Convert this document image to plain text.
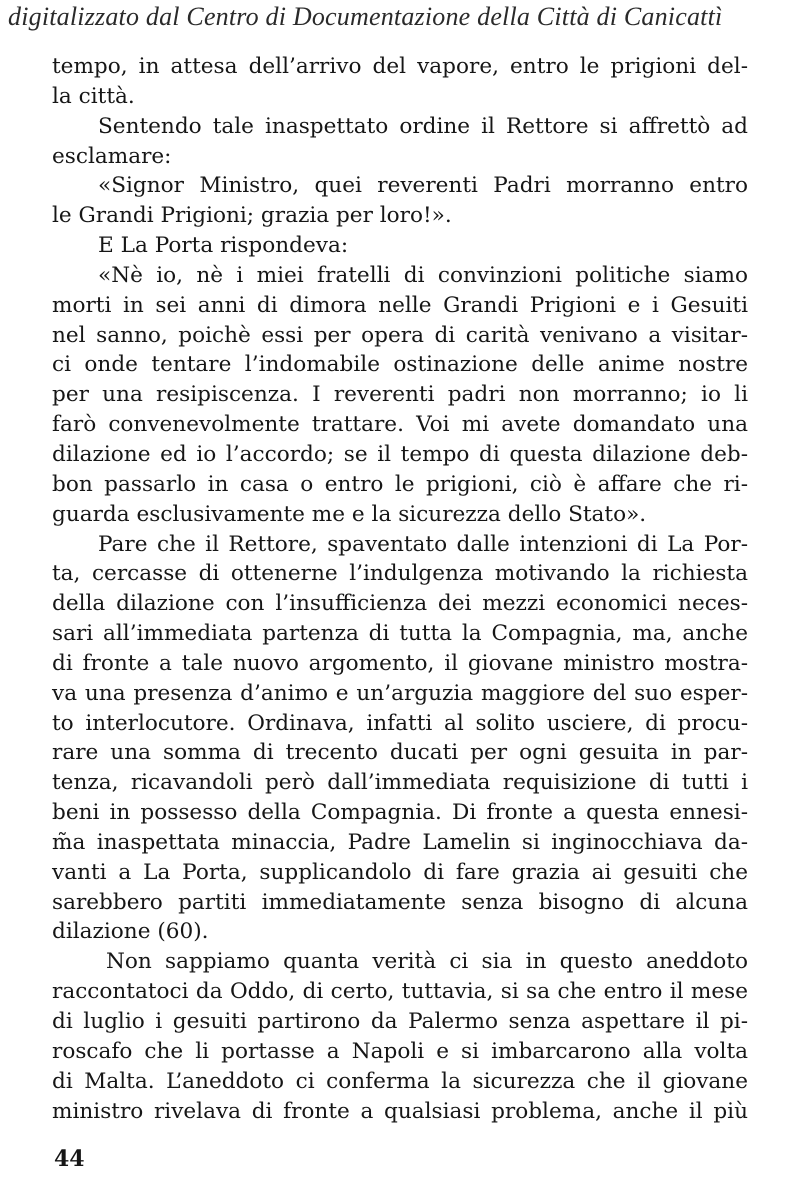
digitalizzato dal Centro di Documentazione della Città di Canicattì
tempo, in attesa dell’arrivo del vapore, entro le prigioni del-
la città.
Sentendo tale inaspettato ordine il Rettore si affrettò ad
esclamare:
«Signor Ministro, quei reverenti Padri morranno entro
le Grandi Prigioni; grazia per loro!».
E La Porta rispondeva:
«Nè io, nè i miei fratelli di convinzioni politiche siamo
morti in sei anni di dimora nelle Grandi Prigioni e i Gesuiti
nel sanno, poichè essi per opera di carità venivano a visitar-
ci onde tentare l’indomabile ostinazione delle anime nostre
per una resipiscenza. I reverenti padri non morranno; io li
farò convenevolmente trattare. Voi mi avete domandato una
dilazione ed io l’accordo; se il tempo di questa dilazione deb-
bon passarlo in casa o entro le prigioni, ciò è affare che ri-
guarda esclusivamente me e la sicurezza dello Stato».
Pare che il Rettore, spaventato dalle intenzioni di La Por-
ta, cercasse di ottenerne l’indulgenza motivando la richiesta
della dilazione con l’insufficienza dei mezzi economici neces-
sari all’immediata partenza di tutta la Compagnia, ma, anche
di fronte a tale nuovo argomento, il giovane ministro mostra-
va una presenza d’animo e un’arguzia maggiore del suo esper-
to interlocutore. Ordinava, infatti al solito usciere, di procu-
rare una somma di trecento ducati per ogni gesuita in par-
tenza, ricavandoli però dall’immediata requisizione di tutti i
beni in possesso della Compagnia. Di fronte a questa ennesi-
m̃a inaspettata minaccia, Padre Lamelin si inginocchiava da-
vanti a La Porta, supplicandolo di fare grazia ai gesuiti che
sarebbero partiti immediatamente senza bisogno di alcuna
dilazione (60).
Non sappiamo quanta verità ci sia in questo aneddoto
raccontatoci da Oddo, di certo, tuttavia, si sa che entro il mese
di luglio i gesuiti partirono da Palermo senza aspettare il pi-
roscafo che li portasse a Napoli e si imbarcarono alla volta
di Malta. L’aneddoto ci conferma la sicurezza che il giovane
ministro rivelava di fronte a qualsiasi problema, anche il più
44
